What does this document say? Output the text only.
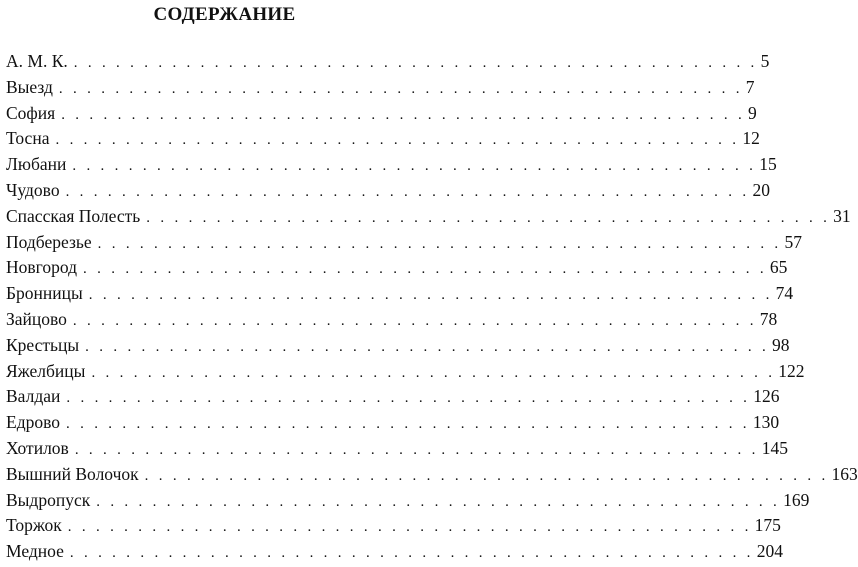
СОДЕРЖАНИЕ
А. М. К. . . . . . . . . . . . . . . . . . . . . . . . . . . . . . . . . . . . . . . . . . . . . . . . . . 5
Выезд . . . . . . . . . . . . . . . . . . . . . . . . . . . . . . . . . . . . . . . . . . . . . . . . . 7
София . . . . . . . . . . . . . . . . . . . . . . . . . . . . . . . . . . . . . . . . . . . . . . . . . 9
Тосна . . . . . . . . . . . . . . . . . . . . . . . . . . . . . . . . . . . . . . . . . . . . . . . . . 12
Любани . . . . . . . . . . . . . . . . . . . . . . . . . . . . . . . . . . . . . . . . . . . . . . . . . 15
Чудово . . . . . . . . . . . . . . . . . . . . . . . . . . . . . . . . . . . . . . . . . . . . . . . . . 20
Спасская Полесть . . . . . . . . . . . . . . . . . . . . . . . . . . . . . . . . . . . . . . . . . . . . . . . . . 31
Подберезье . . . . . . . . . . . . . . . . . . . . . . . . . . . . . . . . . . . . . . . . . . . . . . . . . 57
Новгород . . . . . . . . . . . . . . . . . . . . . . . . . . . . . . . . . . . . . . . . . . . . . . . . . 65
Бронницы . . . . . . . . . . . . . . . . . . . . . . . . . . . . . . . . . . . . . . . . . . . . . . . . . 74
Зайцово . . . . . . . . . . . . . . . . . . . . . . . . . . . . . . . . . . . . . . . . . . . . . . . . . 78
Крестьцы . . . . . . . . . . . . . . . . . . . . . . . . . . . . . . . . . . . . . . . . . . . . . . . . . 98
Яжелбицы . . . . . . . . . . . . . . . . . . . . . . . . . . . . . . . . . . . . . . . . . . . . . . . . . 122
Валдаи . . . . . . . . . . . . . . . . . . . . . . . . . . . . . . . . . . . . . . . . . . . . . . . . . 126
Едрово . . . . . . . . . . . . . . . . . . . . . . . . . . . . . . . . . . . . . . . . . . . . . . . . . 130
Хотилов . . . . . . . . . . . . . . . . . . . . . . . . . . . . . . . . . . . . . . . . . . . . . . . . . 145
Вышний Волочок . . . . . . . . . . . . . . . . . . . . . . . . . . . . . . . . . . . . . . . . . . . . . . . . . 163
Выдропуск . . . . . . . . . . . . . . . . . . . . . . . . . . . . . . . . . . . . . . . . . . . . . . . . . 169
Торжок . . . . . . . . . . . . . . . . . . . . . . . . . . . . . . . . . . . . . . . . . . . . . . . . . 175
Медное . . . . . . . . . . . . . . . . . . . . . . . . . . . . . . . . . . . . . . . . . . . . . . . . . 204
